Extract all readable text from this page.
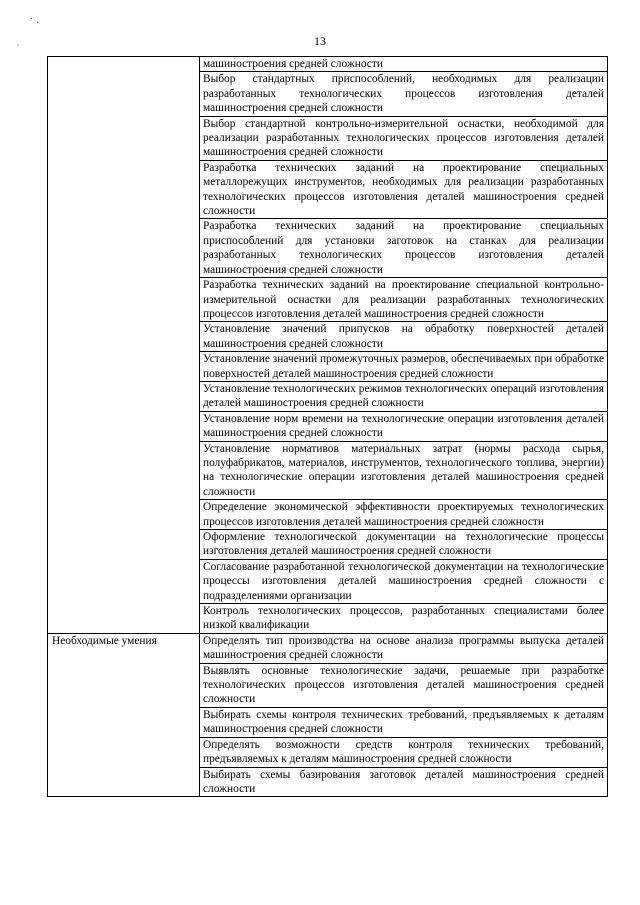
· ·
´
13
	машиностроения средней сложности
	Выбор стандартных приспособлений, необходимых для реализации разработанных технологических процессов изготовления деталей машиностроения средней сложности
	Выбор стандартной контрольно-измерительной оснастки, необходимой для реализации разработанных технологических процессов изготовления деталей машиностроения средней сложности
	Разработка технических заданий на проектирование специальных металлорежущих инструментов, необходимых для реализации разработанных технологических процессов изготовления деталей машиностроения средней сложности
	Разработка технических заданий на проектирование специальных приспособлений для установки заготовок на станках для реализации разработанных технологических процессов изготовления деталей машиностроения средней сложности
	Разработка технических заданий на проектирование специальной контрольно-измерительной оснастки для реализации разработанных технологических процессов изготовления деталей машиностроения средней сложности
	Установление значений припусков на обработку поверхностей деталей машиностроения средней сложности
	Установление значений промежуточных размеров, обеспечиваемых при обработке поверхностей деталей машиностроения средней сложности
	Установление технологических режимов технологических операций изготовления деталей машиностроения средней сложности
	Установление норм времени на технологические операции изготовления деталей машиностроения средней сложности
	Установление нормативов материальных затрат (нормы расхода сырья, полуфабрикатов, материалов, инструментов, технологического топлива, энергии) на технологические операции изготовления деталей машиностроения средней сложности
	Определение экономической эффективности проектируемых технологических процессов изготовления деталей машиностроения средней сложности
	Оформление технологической документации на технологические процессы изготовления деталей машиностроения средней сложности
	Согласование разработанной технологической документации на технологические процессы изготовления деталей машиностроения средней сложности с подразделениями организации
	Контроль технологических процессов, разработанных специалистами более низкой квалификации
Необходимые умения	Определять тип производства на основе анализа программы выпуска деталей машиностроения средней сложности
	Выявлять основные технологические задачи, решаемые при разработке технологических процессов изготовления деталей машиностроения средней сложности
	Выбирать схемы контроля технических требований, предъявляемых к деталям машиностроения средней сложности
	Определять возможности средств контроля технических требований, предъявляемых к деталям машиностроения средней сложности
	Выбирать схемы базирования заготовок деталей машиностроения средней сложности
